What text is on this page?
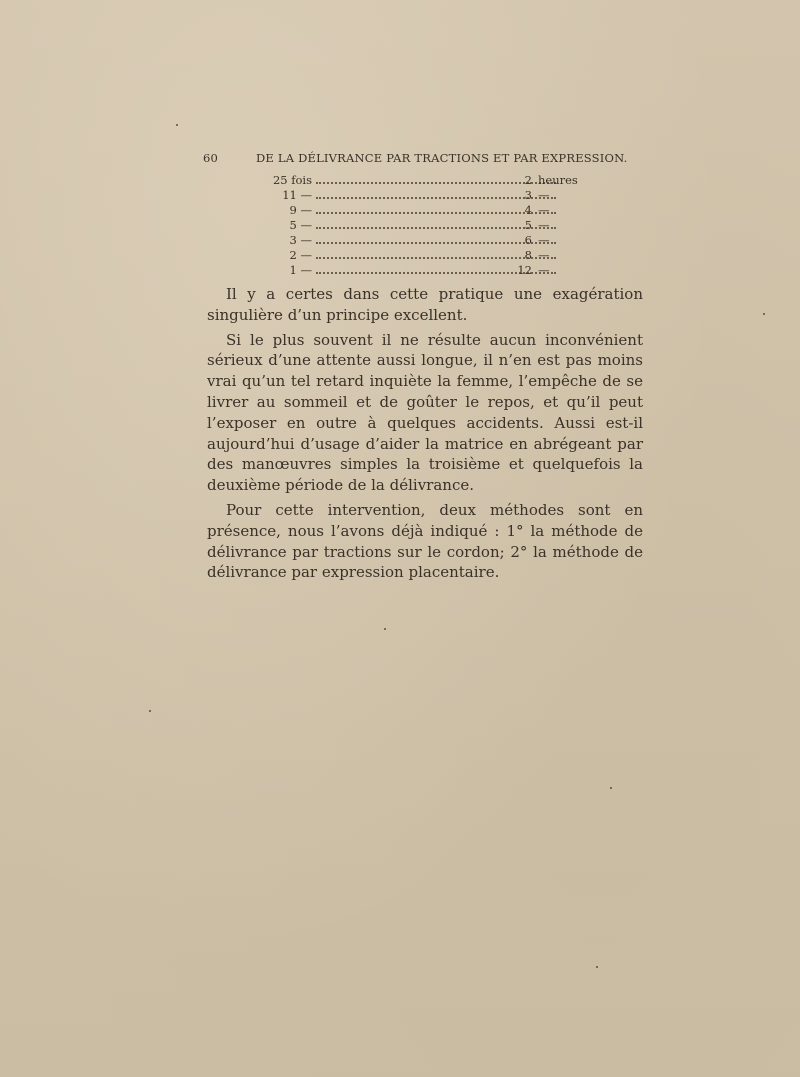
60	DE LA DÉLIVRANCE PAR TRACTIONS ET PAR EXPRESSION.
25 fois	2 heures
11 —	3 —
9 —	4 —
5 —	5 —
3 —	6 —
2 —	8 —
1 —	12 —

Il y a certes dans cette pratique une exagération singulière d’un principe excellent.

Si le plus souvent il ne résulte aucun inconvénient sérieux d’une attente aussi longue, il n’en est pas moins vrai qu’un tel retard inquiète la femme, l’empêche de se livrer au sommeil et de goûter le repos, et qu’il peut l’exposer en outre à quelques accidents. Aussi est-il aujourd’hui d’usage d’aider la matrice en abrégeant par des manœuvres simples la troisième et quelquefois la deuxième période de la délivrance.

Pour cette intervention, deux méthodes sont en présence, nous l’avons déjà indiqué : 1° la méthode de délivrance par tractions sur le cordon; 2° la méthode de délivrance par expression placentaire.
